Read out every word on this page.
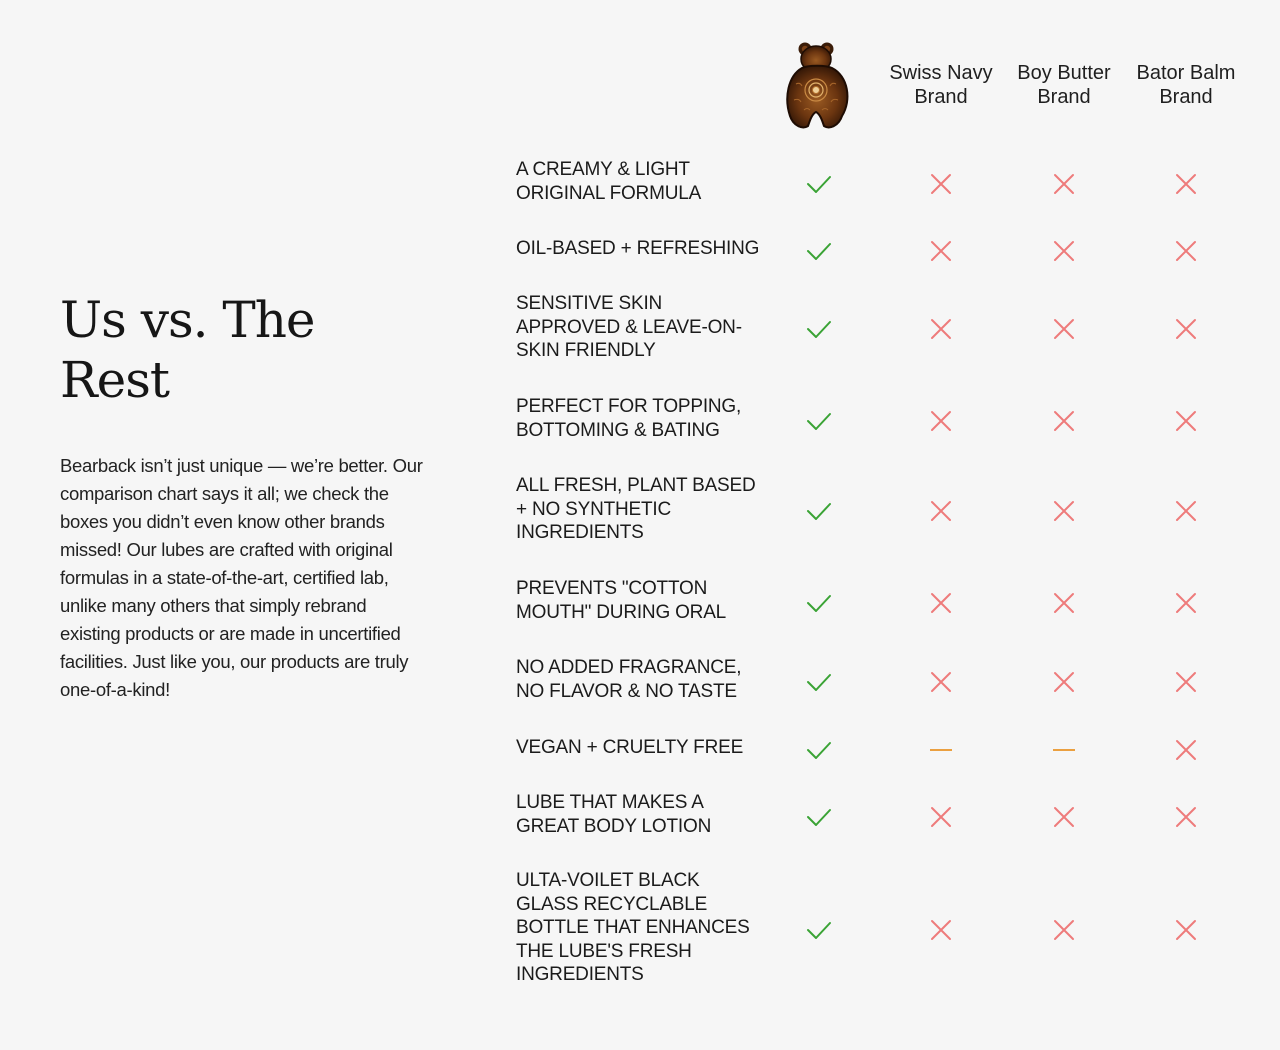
Us vs. The Rest
Bearback isn’t just unique — we’re better. Our comparison chart says it all; we check the boxes you didn’t even know other brands missed! Our lubes are crafted with original formulas in a state-of-the-art, certified lab, unlike many others that simply rebrand existing products or are made in uncertified facilities. Just like you, our products are truly one-of-a-kind!
Swiss Navy
Brand
Boy Butter
Brand
Bator Balm
Brand
A CREAMY & LIGHT
ORIGINAL FORMULA
OIL-BASED + REFRESHING
SENSITIVE SKIN
APPROVED & LEAVE-ON-
SKIN FRIENDLY
PERFECT FOR TOPPING,
BOTTOMING & BATING
ALL FRESH, PLANT BASED
+ NO SYNTHETIC
INGREDIENTS
PREVENTS "COTTON
MOUTH" DURING ORAL
NO ADDED FRAGRANCE,
NO FLAVOR & NO TASTE
VEGAN + CRUELTY FREE
LUBE THAT MAKES A
GREAT BODY LOTION
ULTA-VOILET BLACK
GLASS RECYCLABLE
BOTTLE THAT ENHANCES
THE LUBE'S FRESH
INGREDIENTS
